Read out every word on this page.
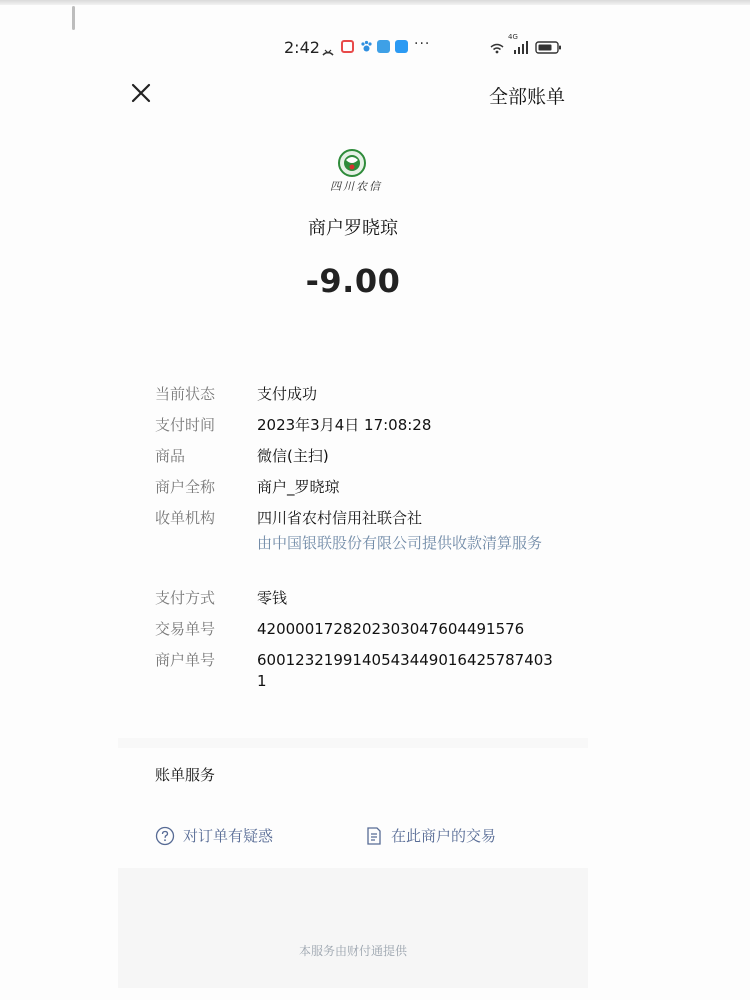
2:42	···	4G
全部账单
四川农信
商户罗晓琼
-9.00
当前状态	支付成功
支付时间	2023年3月4日 17:08:28
商品	微信(主扫)
商户全称	商户_罗晓琼
收单机构	四川省农村信用社联合社
由中国银联股份有限公司提供收款清算服务
支付方式	零钱
交易单号	4200001728202303047604491576
商户单号	6001232199140543449016425787403
1
账单服务
对订单有疑惑	在此商户的交易
本服务由财付通提供
